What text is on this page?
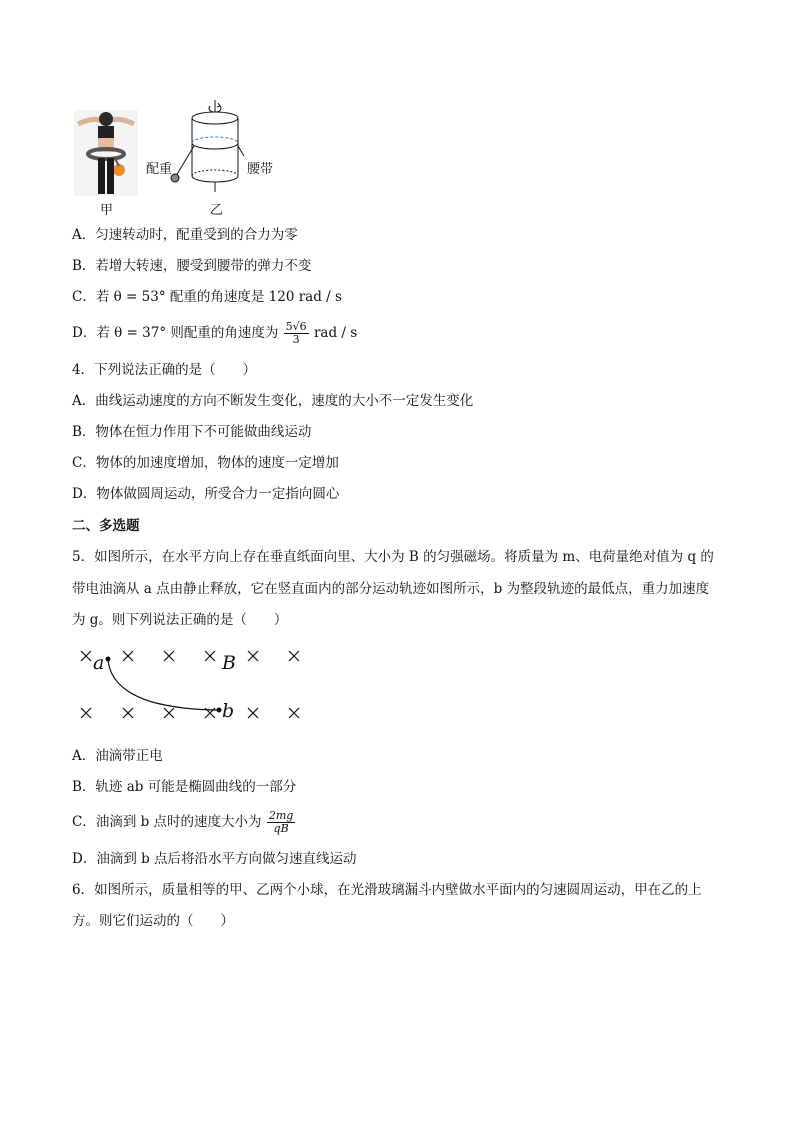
甲
配重	腰带
乙
A．匀速转动时，配重受到的合力为零
B．若增大转速，腰受到腰带的弹力不变
C．若 θ = 53° 配重的角速度是 120 rad / s
D．若 θ = 37° 则配重的角速度为 $\frac{5√6}{3}$ rad / s
4．下列说法正确的是（　　）
A．曲线运动速度的方向不断发生变化，速度的大小不一定发生变化
B．物体在恒力作用下不可能做曲线运动
C．物体的加速度增加，物体的速度一定增加
D．物体做圆周运动，所受合力一定指向圆心
二、多选题
5．如图所示，在水平方向上存在垂直纸面向里、大小为 B 的匀强磁场。将质量为 m、电荷量绝对值为 q 的
带电油滴从 a 点由静止释放，它在竖直面内的部分运动轨迹如图所示，b 为整段轨迹的最低点，重力加速度
为 g。则下列说法正确的是（　　）
a	B
b
A．油滴带正电
B．轨迹 ab 可能是椭圆曲线的一部分
C．油滴到 b 点时的速度大小为 $\frac{2mg}{qB}$
D．油滴到 b 点后将沿水平方向做匀速直线运动
6．如图所示，质量相等的甲、乙两个小球，在光滑玻璃漏斗内壁做水平面内的匀速圆周运动，甲在乙的上
方。则它们运动的（　　）
